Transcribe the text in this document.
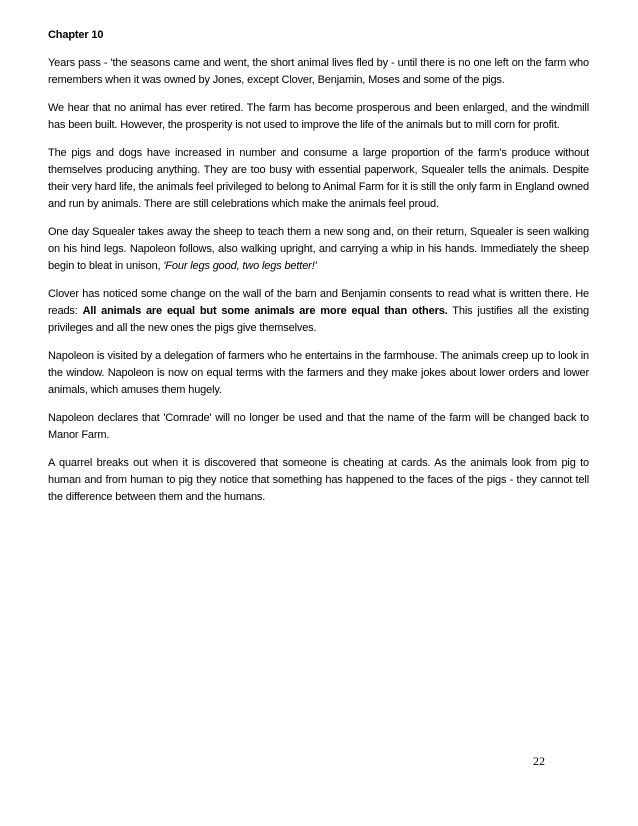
Chapter 10

Years pass - 'the seasons came and went, the short animal lives fled by - until there is no one left on the farm who remembers when it was owned by Jones, except Clover, Benjamin, Moses and some of the pigs.

We hear that no animal has ever retired. The farm has become prosperous and been enlarged, and the windmill has been built. However, the prosperity is not used to improve the life of the animals but to mill corn for profit.

The pigs and dogs have increased in number and consume a large proportion of the farm's produce without themselves producing anything. They are too busy with essential paperwork, Squealer tells the animals. Despite their very hard life, the animals feel privileged to belong to Animal Farm for it is still the only farm in England owned and run by animals. There are still celebrations which make the animals feel proud.

One day Squealer takes away the sheep to teach them a new song and, on their return, Squealer is seen walking on his hind legs. Napoleon follows, also walking upright, and carrying a whip in his hands. Immediately the sheep begin to bleat in unison, 'Four legs good, two legs better!'

Clover has noticed some change on the wall of the barn and Benjamin consents to read what is written there. He reads: All animals are equal but some animals are more equal than others. This justifies all the existing privileges and all the new ones the pigs give themselves.

Napoleon is visited by a delegation of farmers who he entertains in the farmhouse. The animals creep up to look in the window. Napoleon is now on equal terms with the farmers and they make jokes about lower orders and lower animals, which amuses them hugely.

Napoleon declares that 'Comrade' will no longer be used and that the name of the farm will be changed back to Manor Farm.

A quarrel breaks out when it is discovered that someone is cheating at cards. As the animals look from pig to human and from human to pig they notice that something has happened to the faces of the pigs - they cannot tell the difference between them and the humans.

22
